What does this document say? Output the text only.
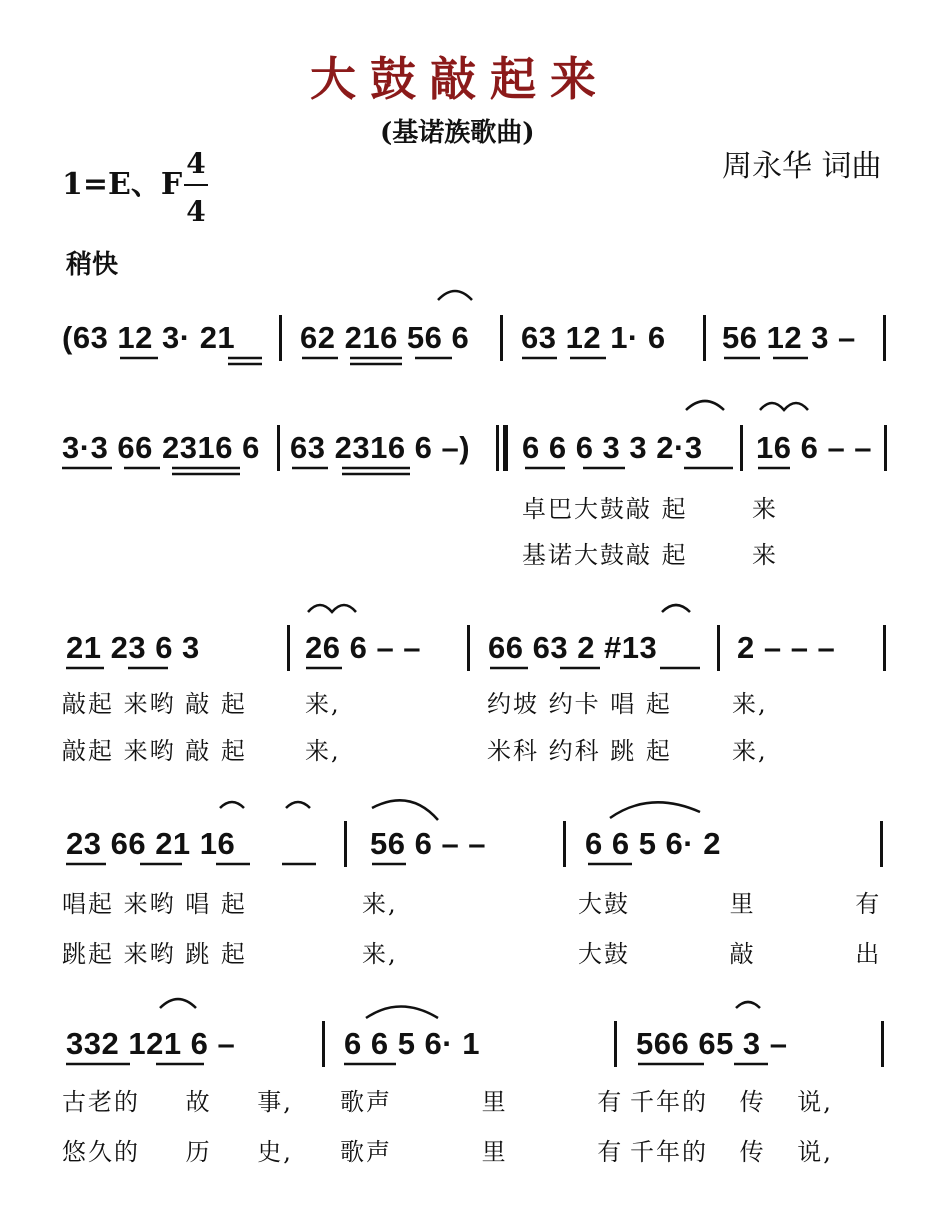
大鼓敲起来
(基诺族歌曲)
周永华 词曲
1=E、F
4
4
稍快
(63 12 3· 21 62 216 56 6 63 12 1· 6 56 12 3 –
3·3 66 2316 6 63 2316 6 –) 6 6 6 3 3 2·3 16 6 – –
卓巴大鼓敲 起	来
基诺大鼓敲 起	来
21 23 6 3	26 6 – – 66 63 2 #13	2 – – –
敲起 来哟 敲 起 来,	约坡 约卡 唱 起	来,
敲起 来哟 敲 起 来,	米科 约科 跳 起	来,
23 66 21 16	56 6 – –	6 6 5 6· 2
唱起 来哟 唱 起	来,	大鼓 里 有
跳起 来哟 跳 起	来,	大鼓 敲 出
332 121 6 –	6 6 5 6· 1	566 65 3 –
古老的 故 事, 歌声 里 有 千年的 传 说,
悠久的 历 史, 歌声 里 有 千年的 传 说,
